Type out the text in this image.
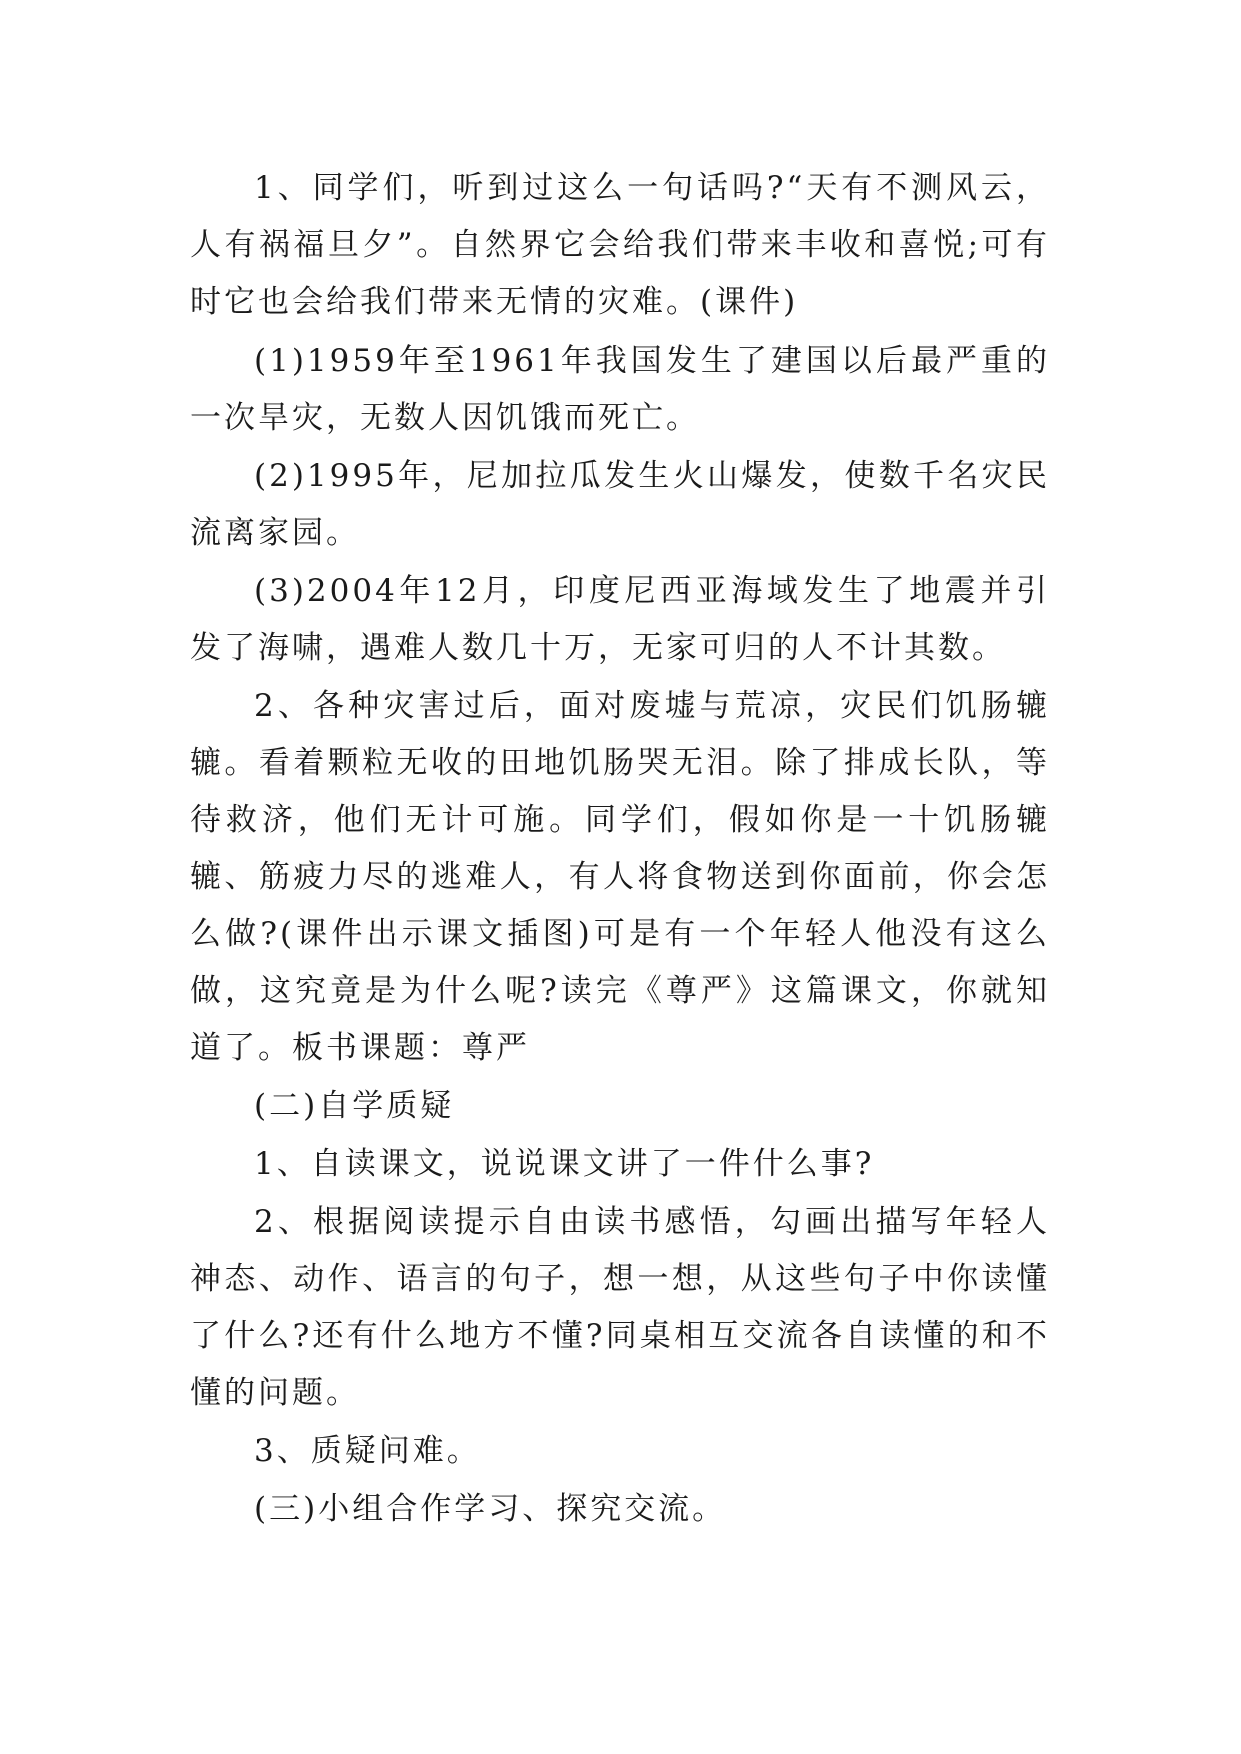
1、同学们，听到过这么一句话吗?“天有不测风云，人有祸福旦夕”。自然界它会给我们带来丰收和喜悦;可有时它也会给我们带来无情的灾难。(课件)

(1)1959年至1961年我国发生了建国以后最严重的一次旱灾，无数人因饥饿而死亡。

(2)1995年，尼加拉瓜发生火山爆发，使数千名灾民流离家园。

(3)2004年12月，印度尼西亚海域发生了地震并引发了海啸，遇难人数几十万，无家可归的人不计其数。

2、各种灾害过后，面对废墟与荒凉，灾民们饥肠辘辘。看着颗粒无收的田地饥肠哭无泪。除了排成长队，等待救济，他们无计可施。同学们，假如你是一十饥肠辘辘、筋疲力尽的逃难人，有人将食物送到你面前，你会怎么做?(课件出示课文插图)可是有一个年轻人他没有这么做，这究竟是为什么呢?读完《尊严》这篇课文，你就知道了。板书课题：尊严

(二)自学质疑

1、自读课文，说说课文讲了一件什么事?

2、根据阅读提示自由读书感悟，勾画出描写年轻人神态、动作、语言的句子，想一想，从这些句子中你读懂了什么?还有什么地方不懂?同桌相互交流各自读懂的和不懂的问题。

3、质疑问难。

(三)小组合作学习、探究交流。
